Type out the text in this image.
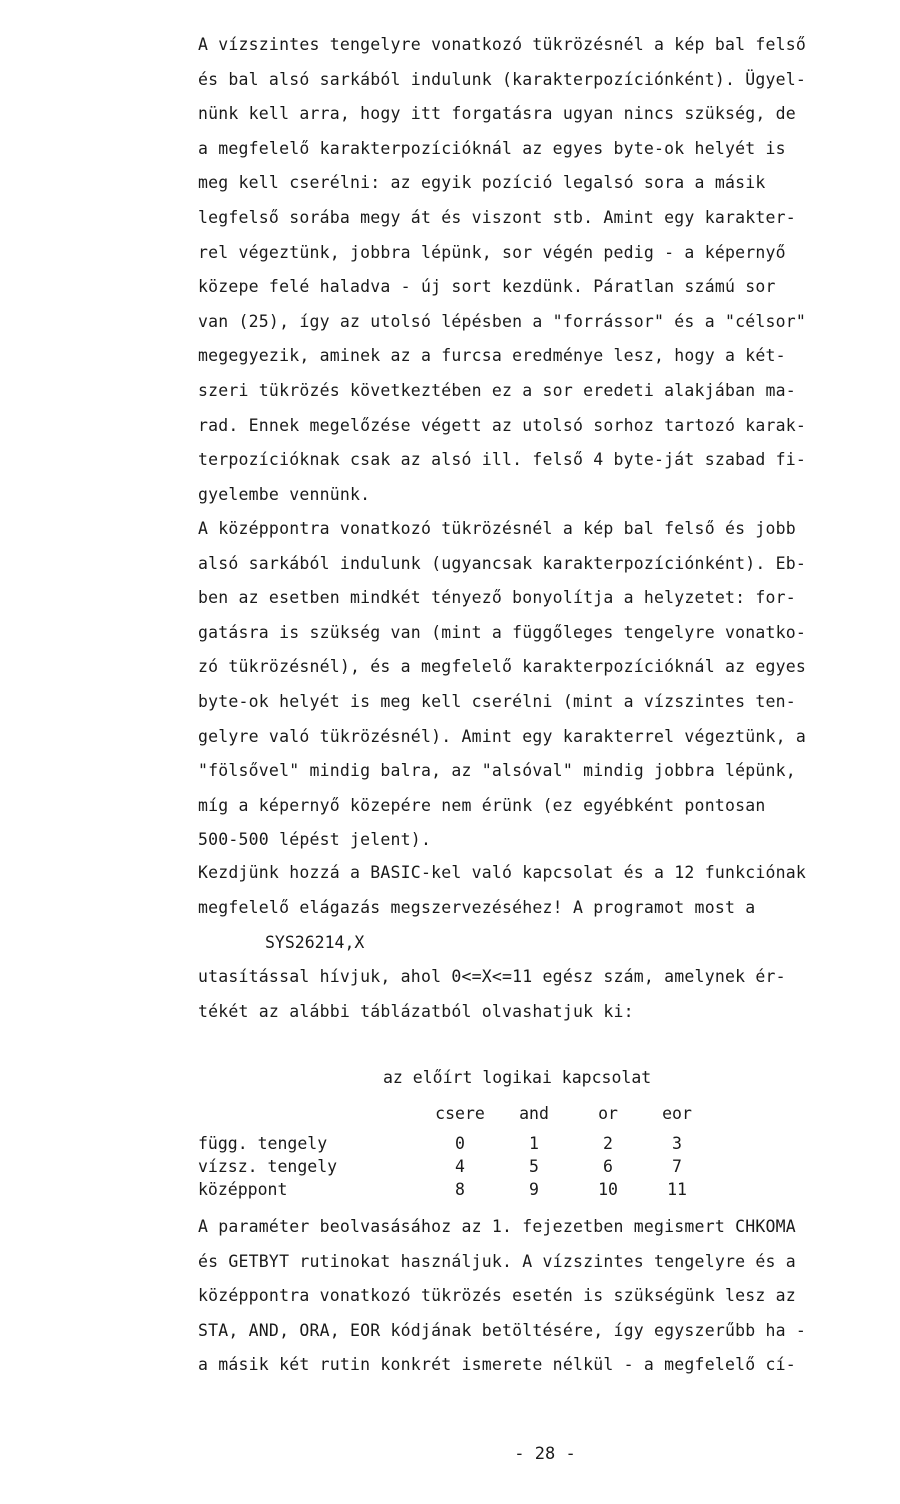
A vízszintes tengelyre vonatkozó tükrözésnél a kép bal felső
és bal alsó sarkából indulunk (karakterpozíciónként). Ügyel-
nünk kell arra, hogy itt forgatásra ugyan nincs szükség, de
a megfelelő karakterpozícióknál az egyes byte-ok helyét is
meg kell cserélni: az egyik pozíció legalsó sora a másik
legfelső sorába megy át és viszont stb. Amint egy karakter-
rel végeztünk, jobbra lépünk, sor végén pedig - a képernyő
közepe felé haladva - új sort kezdünk. Páratlan számú sor
van (25), így az utolsó lépésben a "forrássor" és a "célsor"
megegyezik, aminek az a furcsa eredménye lesz, hogy a két-
szeri tükrözés következtében ez a sor eredeti alakjában ma-
rad. Ennek megelőzése végett az utolsó sorhoz tartozó karak-
terpozícióknak csak az alsó ill. felső 4 byte-ját szabad fi-
gyelembe vennünk.
A középpontra vonatkozó tükrözésnél a kép bal felső és jobb
alsó sarkából indulunk (ugyancsak karakterpozíciónként). Eb-
ben az esetben mindkét tényező bonyolítja a helyzetet: for-
gatásra is szükség van (mint a függőleges tengelyre vonatko-
zó tükrözésnél), és a megfelelő karakterpozícióknál az egyes
byte-ok helyét is meg kell cserélni (mint a vízszintes ten-
gelyre való tükrözésnél). Amint egy karakterrel végeztünk, a
"fölsővel" mindig balra, az "alsóval" mindig jobbra lépünk,
míg a képernyő közepére nem érünk (ez egyébként pontosan
500-500 lépést jelent).
Kezdjünk hozzá a BASIC-kel való kapcsolat és a 12 funkciónak
megfelelő elágazás megszervezéséhez! A programot most a
SYS26214,X
utasítással hívjuk, ahol 0<=X<=11 egész szám, amelynek ér-
tékét az alábbi táblázatból olvashatjuk ki:
az előírt logikai kapcsolat
	csere	and	or	eor
függ. tengely	0	1	2	3
vízsz. tengely	4	5	6	7
középpont	8	9	10	11
A paraméter beolvasásához az 1. fejezetben megismert CHKOMA
és GETBYT rutinokat használjuk. A vízszintes tengelyre és a
középpontra vonatkozó tükrözés esetén is szükségünk lesz az
STA, AND, ORA, EOR kódjának betöltésére, így egyszerűbb ha -
a másik két rutin konkrét ismerete nélkül - a megfelelő cí-
- 28 -
